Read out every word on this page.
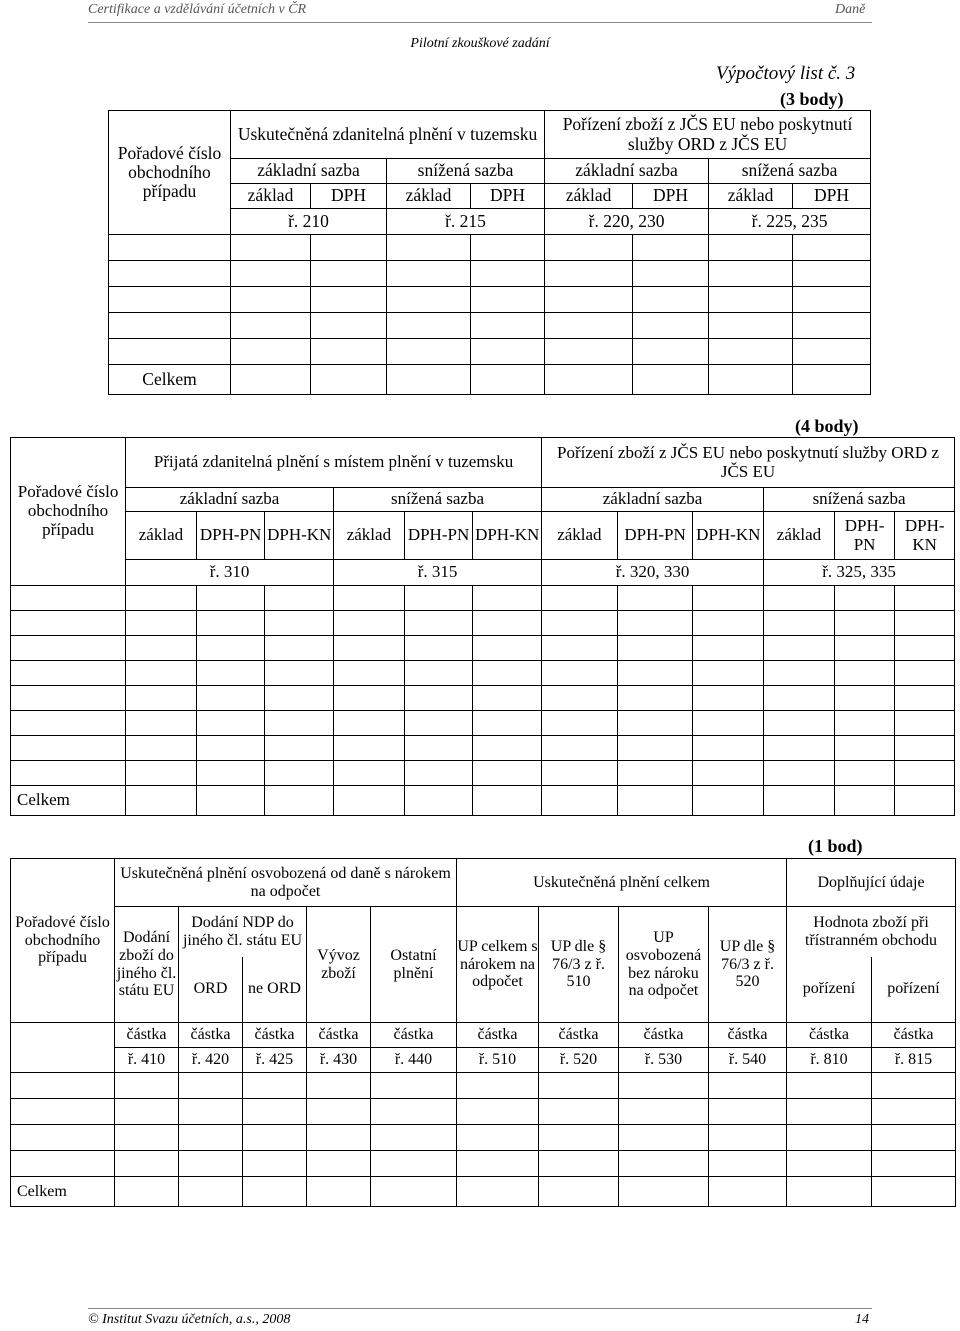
Certifikace a vzdělávání účetních v ČR	Daně
Pilotní zkouškové zadání
Výpočtový list č. 3
(3 body)
Pořadové číslo obchodního případu	Uskutečněná zdanitelná plnění v tuzemsku				Pořízení zboží z JČS EU nebo poskytnutí služby ORD z JČS EU			
	základní sazba		snížená sazba		základní sazba		snížená sazba	
	základ	DPH	základ	DPH	základ	DPH	základ	DPH
	ř. 210		ř. 215		ř. 220, 230		ř. 225, 235	

Celkem								
(4 body)
Pořadové číslo obchodního případu	Přijatá zdanitelná plnění s místem plnění v tuzemsku						Pořízení zboží z JČS EU nebo poskytnutí služby ORD z JČS EU					
	základní sazba			snížená sazba			základní sazba			snížená sazba		
	základ	DPH-PN	DPH-KN	základ	DPH-PN	DPH-KN	základ	DPH-PN	DPH-KN	základ	DPH-PN	DPH-KN
	ř. 310			ř. 315			ř. 320, 330			ř. 325, 335		

Celkem												
(1 bod)
Pořadové číslo obchodního případu	Uskutečněná plnění osvobozená od daně s nárokem na odpočet					Uskutečněná plnění celkem				Doplňující údaje	
	Dodání zboží do jiného čl. státu EU	Dodání NDP do jiného čl. státu EU		Vývoz zboží	Ostatní plnění	UP celkem s nárokem na odpočet	UP dle § 76/3 z ř. 510	UP osvobozená bez nároku na odpočet	UP dle § 76/3 z ř. 520	Hodnota zboží při třístranném obchodu	
		ORD	ne ORD							pořízení	pořízení
	částka	částka	částka	částka	částka	částka	částka	částka	částka	částka	částka
	ř. 410	ř. 420	ř. 425	ř. 430	ř. 440	ř. 510	ř. 520	ř. 530	ř. 540	ř. 810	ř. 815

Celkem											
© Institut Svazu účetních, a.s., 2008	14
